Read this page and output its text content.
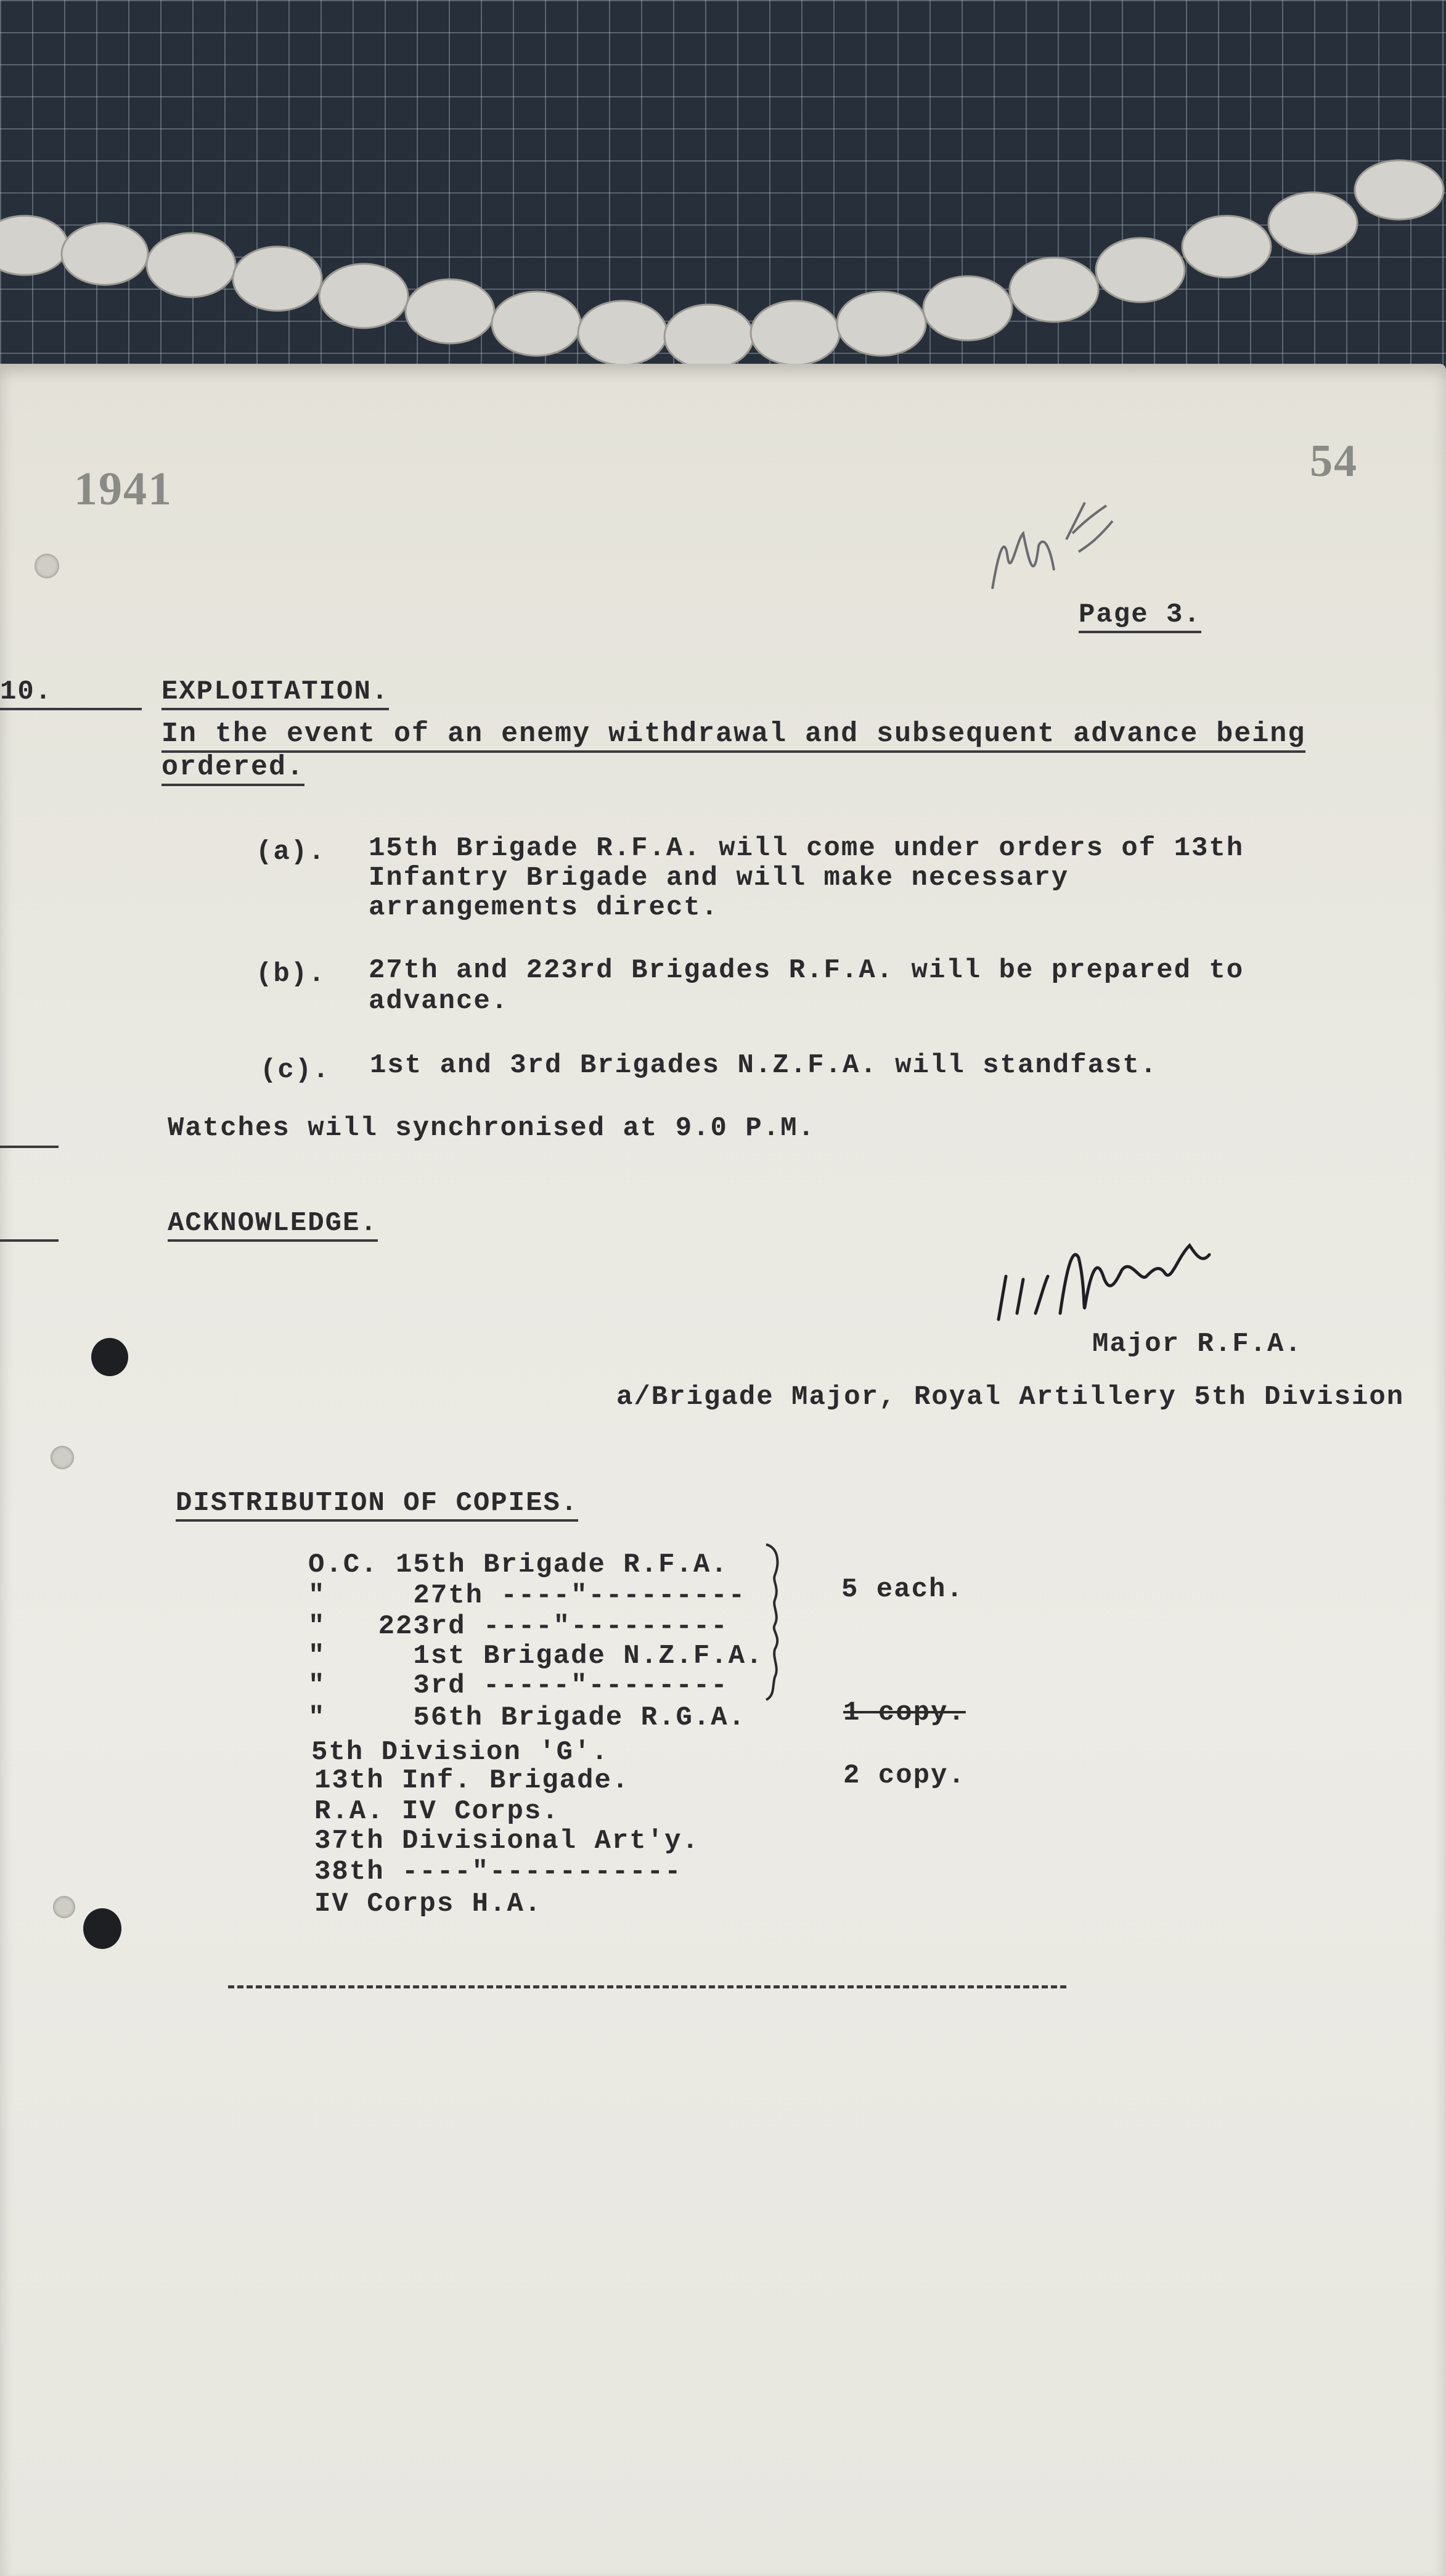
1941
54
Page 3.
10.	EXPLOITATION.
In the event of an enemy withdrawal and subsequent advance being
ordered.
(a). 15th Brigade R.F.A. will come under orders of 13th
Infantry Brigade and will make necessary
arrangements direct.
(b). 27th and 223rd Brigades R.F.A. will be prepared to
advance.
(c). 1st and 3rd Brigades N.Z.F.A. will standfast.
Watches will synchronised at 9.0 P.M.
ACKNOWLEDGE.
Major R.F.A.
a/Brigade Major, Royal Artillery 5th Division
DISTRIBUTION OF COPIES.
O.C. 15th Brigade R.F.A.
"     27th ----"---------
"   223rd ----"---------
"     1st Brigade N.Z.F.A.
"     3rd -----"--------
"     56th Brigade R.G.A.
5th Division 'G'.
13th Inf. Brigade.
R.A. IV Corps.
37th Divisional Art'y.
38th ----"-----------
IV Corps H.A.
5 each.
1 copy.
2 copy.
